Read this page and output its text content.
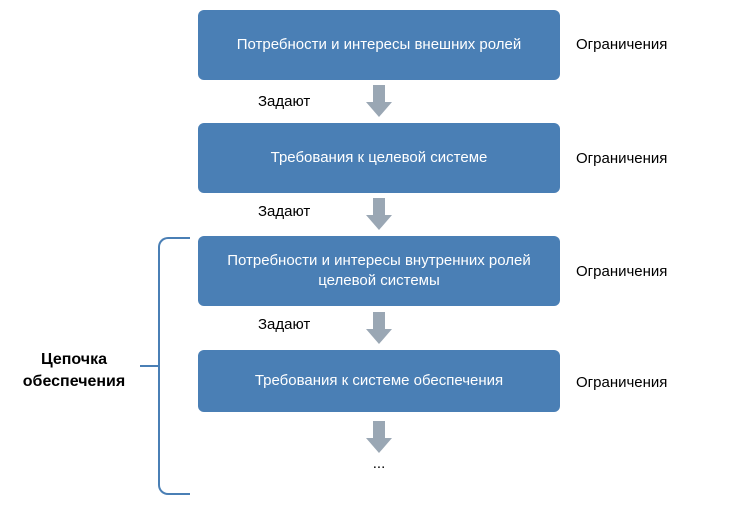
Потребности и интересы внешних ролей
Задают
Требования к целевой системе
Задают
Потребности и интересы внутренних ролей целевой системы
Задают
Требования к системе обеспечения
...
Ограничения
Ограничения
Ограничения
Ограничения
Цепочка
обеспечения
